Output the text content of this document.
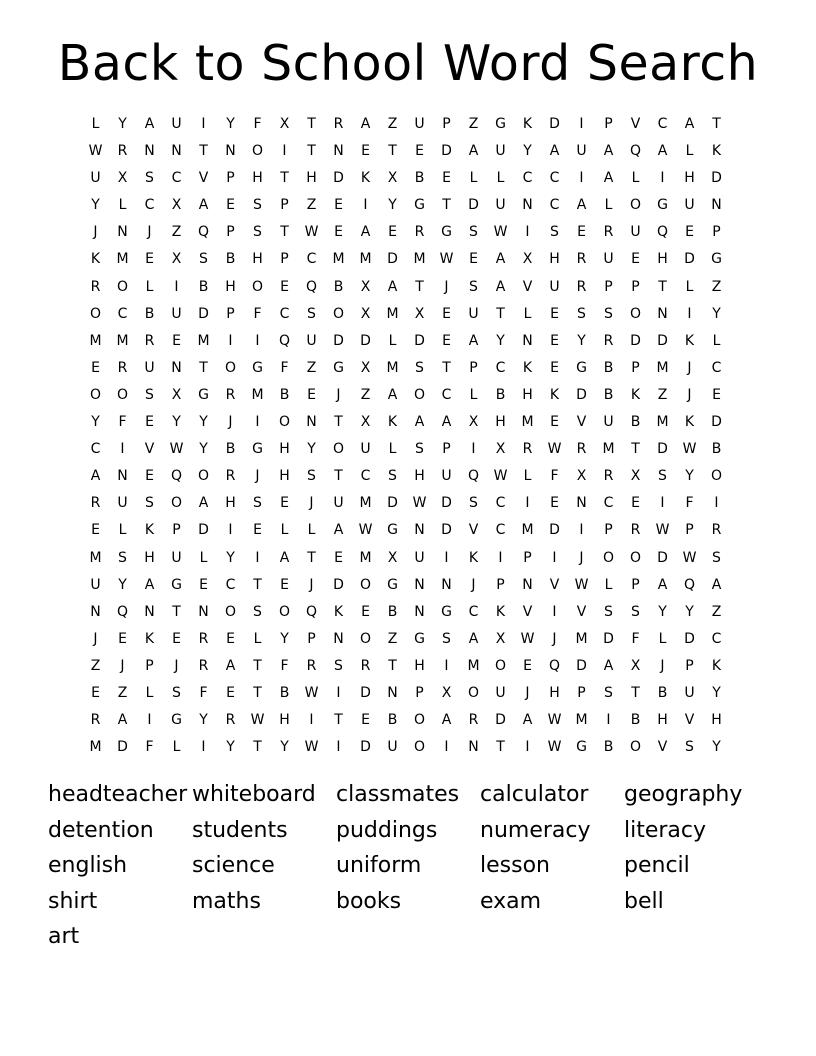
Back to School Word Search
L	Y	A	U	I	Y	F	X	T	R	A	Z	U	P	Z	G	K	D	I	P	V	C	A	T
W	R	N	N	T	N	O	I	T	N	E	T	E	D	A	U	Y	A	U	A	Q	A	L	K
U	X	S	C	V	P	H	T	H	D	K	X	B	E	L	L	C	C	I	A	L	I	H	D
Y	L	C	X	A	E	S	P	Z	E	I	Y	G	T	D	U	N	C	A	L	O	G	U	N
J	N	J	Z	Q	P	S	T	W	E	A	E	R	G	S	W	I	S	E	R	U	Q	E	P
K	M	E	X	S	B	H	P	C	M	M	D	M	W	E	A	X	H	R	U	E	H	D	G
R	O	L	I	B	H	O	E	Q	B	X	A	T	J	S	A	V	U	R	P	P	T	L	Z
O	C	B	U	D	P	F	C	S	O	X	M	X	E	U	T	L	E	S	S	O	N	I	Y
M	M	R	E	M	I	I	Q	U	D	D	L	D	E	A	Y	N	E	Y	R	D	D	K	L
E	R	U	N	T	O	G	F	Z	G	X	M	S	T	P	C	K	E	G	B	P	M	J	C
O	O	S	X	G	R	M	B	E	J	Z	A	O	C	L	B	H	K	D	B	K	Z	J	E
Y	F	E	Y	Y	J	I	O	N	T	X	K	A	A	X	H	M	E	V	U	B	M	K	D
C	I	V	W	Y	B	G	H	Y	O	U	L	S	P	I	X	R	W	R	M	T	D	W	B
A	N	E	Q	O	R	J	H	S	T	C	S	H	U	Q	W	L	F	X	R	X	S	Y	O
R	U	S	O	A	H	S	E	J	U	M	D	W	D	S	C	I	E	N	C	E	I	F	I
E	L	K	P	D	I	E	L	L	A	W	G	N	D	V	C	M	D	I	P	R	W	P	R
M	S	H	U	L	Y	I	A	T	E	M	X	U	I	K	I	P	I	J	O	O	D	W	S
U	Y	A	G	E	C	T	E	J	D	O	G	N	N	J	P	N	V	W	L	P	A	Q	A
N	Q	N	T	N	O	S	O	Q	K	E	B	N	G	C	K	V	I	V	S	S	Y	Y	Z
J	E	K	E	R	E	L	Y	P	N	O	Z	G	S	A	X	W	J	M	D	F	L	D	C
Z	J	P	J	R	A	T	F	R	S	R	T	H	I	M	O	E	Q	D	A	X	J	P	K
E	Z	L	S	F	E	T	B	W	I	D	N	P	X	O	U	J	H	P	S	T	B	U	Y
R	A	I	G	Y	R	W	H	I	T	E	B	O	A	R	D	A	W	M	I	B	H	V	H
M	D	F	L	I	Y	T	Y	W	I	D	U	O	I	N	T	I	W	G	B	O	V	S	Y
headteacher whiteboard classmates calculator	geography
detention	students	puddings	numeracy	literacy
english	science	uniform	lesson	pencil
shirt	maths	books	exam	bell
art
